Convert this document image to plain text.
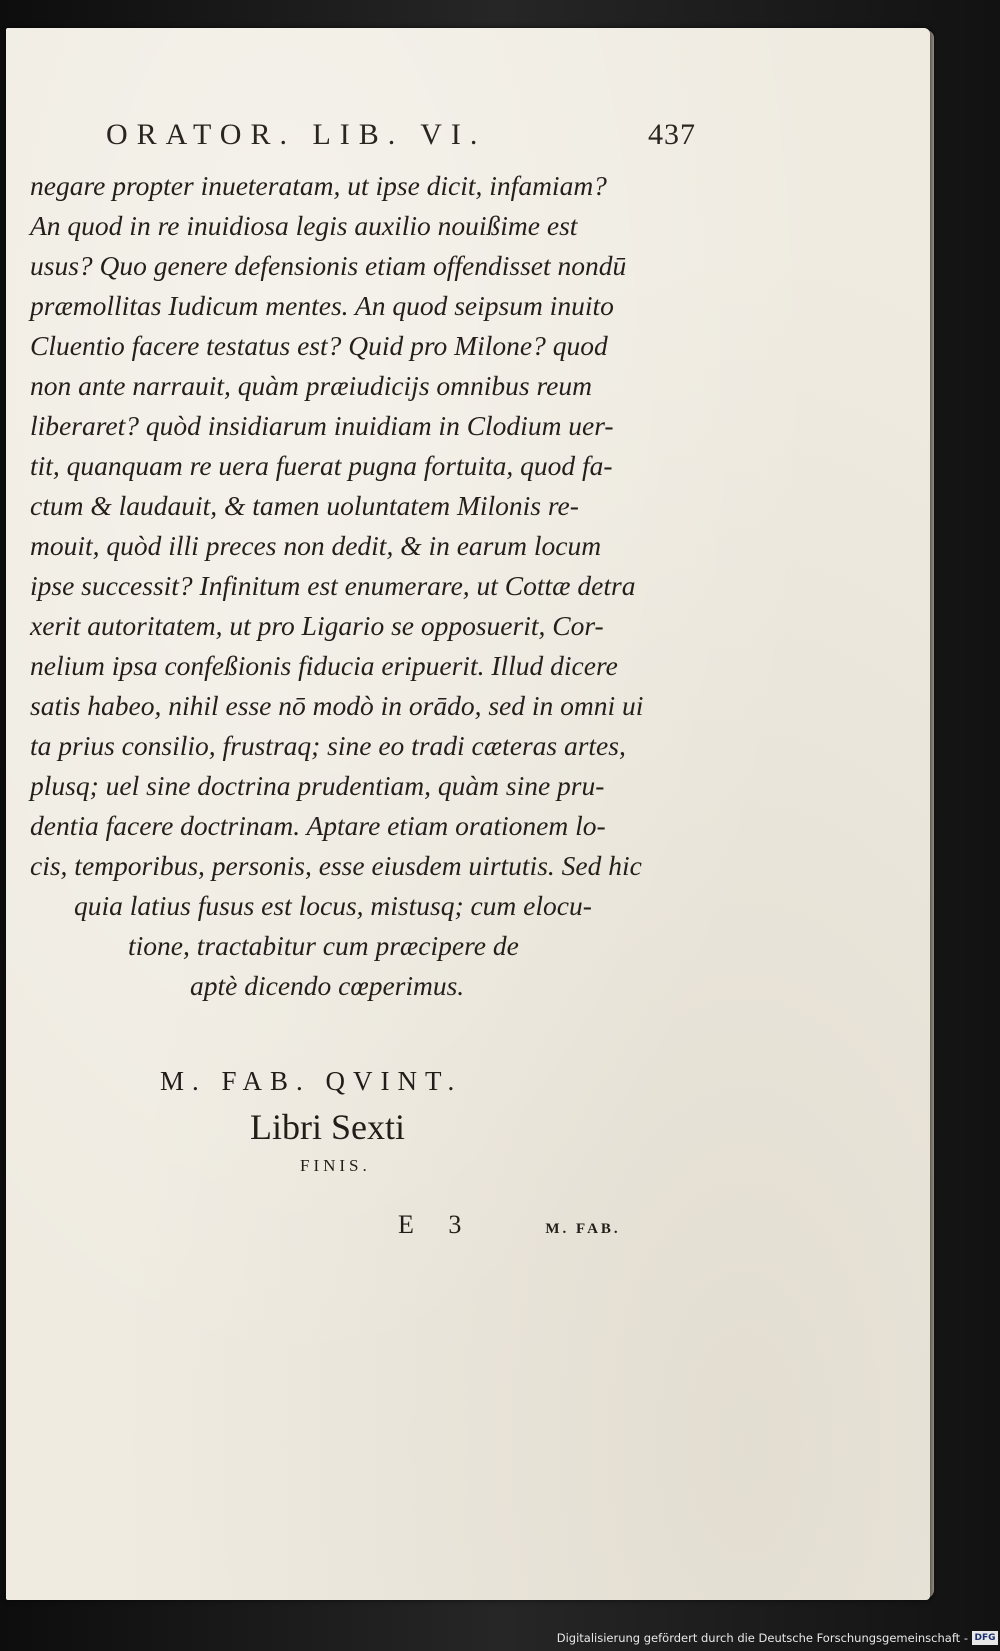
ORATOR. LIB. VI.	437
negare propter inueteratam, ut ipse dicit, infamiam?
An quod in re inuidiosa legis auxilio nouißime est
usus? Quo genere defensionis etiam offendisset nondū
præmollitas Iudicum mentes. An quod seipsum inuito
Cluentio facere testatus est? Quid pro Milone? quod
non ante narrauit, quàm præiudicijs omnibus reum
liberaret? quòd insidiarum inuidiam in Clodium uer-
tit, quanquam re uera fuerat pugna fortuita, quod fa-
ctum & laudauit, & tamen uoluntatem Milonis re-
mouit, quòd illi preces non dedit, & in earum locum
ipse successit? Infinitum est enumerare, ut Cottæ detra
xerit autoritatem, ut pro Ligario se opposuerit, Cor-
nelium ipsa confeßionis fiducia eripuerit. Illud dicere
satis habeo, nihil esse nō modò in orādo, sed in omni ui
ta prius consilio, frustraq; sine eo tradi cæteras artes,
plusq; uel sine doctrina prudentiam, quàm sine pru-
dentia facere doctrinam. Aptare etiam orationem lo-
cis, temporibus, personis, esse eiusdem uirtutis. Sed hic
quia latius fusus est locus, mistusq; cum elocu-
tione, tractabitur cum præcipere de
aptè dicendo cœperimus.
M. FAB. QVINT.
Libri Sexti
FINIS.
E 3	M. FAB.
Digitalisierung gefördert durch die Deutsche Forschungsgemeinschaft - DFG
